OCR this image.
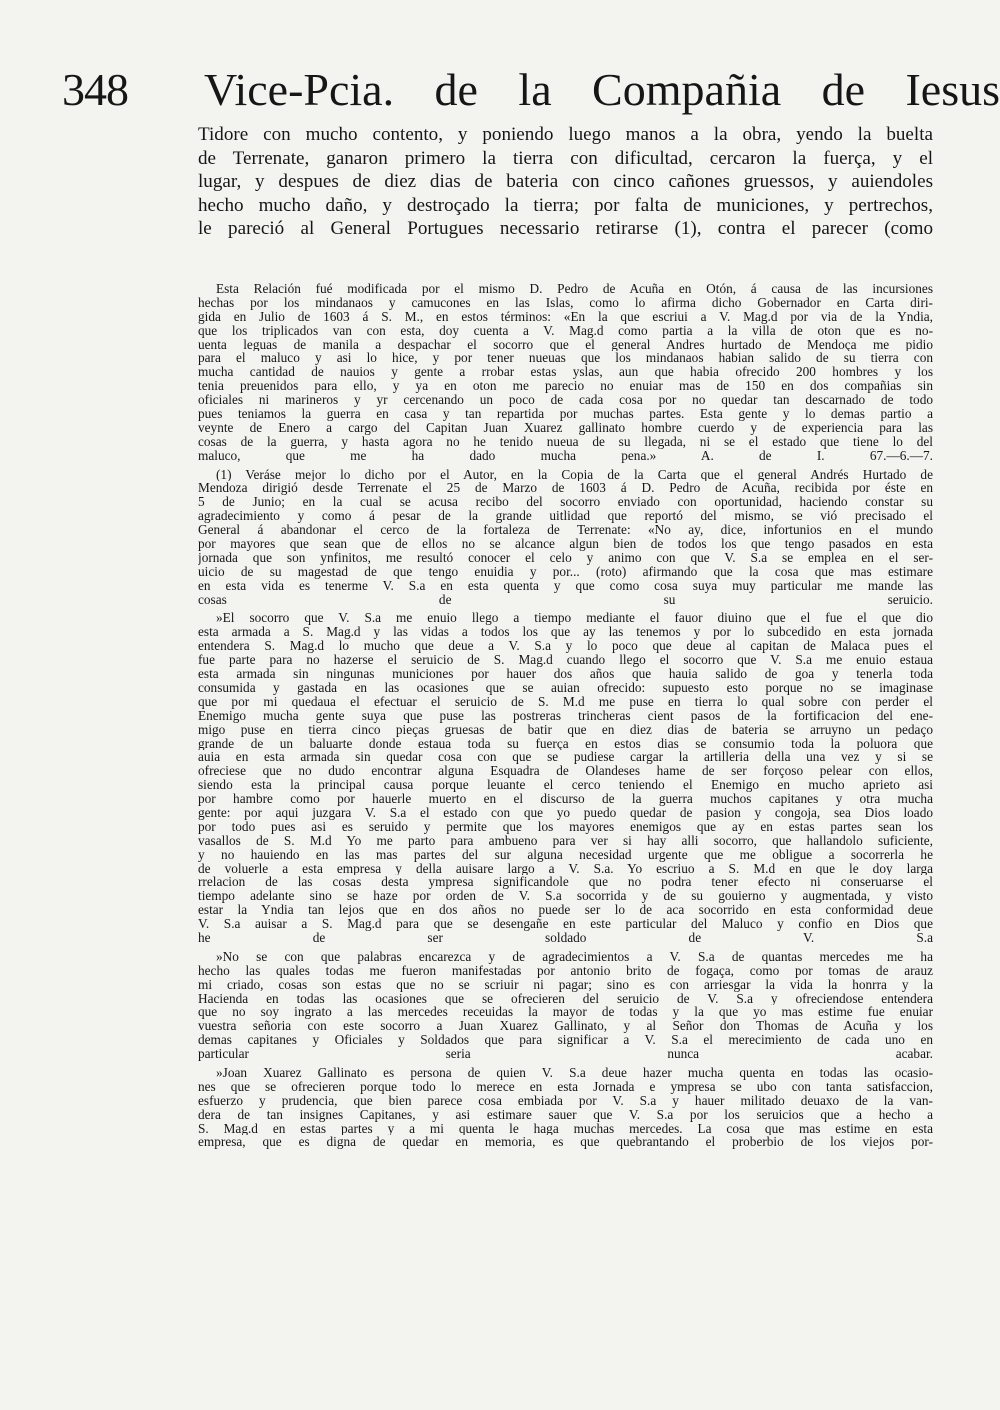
348 Vice-Pcia. de la Compañia de Iesus
Tidore con mucho contento, y poniendo luego manos a la obra, yendo la buelta
de Terrenate, ganaron primero la tierra con dificultad, cercaron la fuerça, y el
lugar, y despues de diez dias de bateria con cinco cañones gruessos, y auiendoles
hecho mucho daño, y destroçado la tierra; por falta de municiones, y pertrechos,
le pareció al General Portugues necessario retirarse (1), contra el parecer (como
Esta Relación fué modificada por el mismo D. Pedro de Acuña en Otón, á causa de las incursiones
hechas por los mindanaos y camucones en las Islas, como lo afirma dicho Gobernador en Carta diri-
gida en Julio de 1603 á S. M., en estos términos: «En la que escriui a V. Mag.d por via de la Yndia,
que los triplicados van con esta, doy cuenta a V. Mag.d como partia a la villa de oton que es no-
uenta leguas de manila a despachar el socorro que el general Andres hurtado de Mendoça me pidio
para el maluco y asi lo hice, y por tener nueuas que los mindanaos habian salido de su tierra con
mucha cantidad de nauios y gente a rrobar estas yslas, aun que habia ofrecido 200 hombres y los
tenia preuenidos para ello, y ya en oton me parecio no enuiar mas de 150 en dos compañias sin
oficiales ni marineros y yr cercenando un poco de cada cosa por no quedar tan descarnado de todo
pues teniamos la guerra en casa y tan repartida por muchas partes. Esta gente y lo demas partio a
veynte de Enero a cargo del Capitan Juan Xuarez gallinato hombre cuerdo y de experiencia para las
cosas de la guerra, y hasta agora no he tenido nueua de su llegada, ni se el estado que tiene lo del
maluco, que me ha dado mucha pena.» A. de I. 67.—6.—7.
(1) Veráse mejor lo dicho por el Autor, en la Copia de la Carta que el general Andrés Hurtado de
Mendoza dirigió desde Terrenate el 25 de Marzo de 1603 á D. Pedro de Acuña, recibida por éste en
5 de Junio; en la cual se acusa recibo del socorro enviado con oportunidad, haciendo constar su
agradecimiento y como á pesar de la grande uitlidad que reportó del mismo, se vió precisado el
General á abandonar el cerco de la fortaleza de Terrenate: «No ay, dice, infortunios en el mundo
por mayores que sean que de ellos no se alcance algun bien de todos los que tengo pasados en esta
jornada que son ynfinitos, me resultó conocer el celo y animo con que V. S.a se emplea en el ser-
uicio de su magestad de que tengo enuidia y por... (roto) afirmando que la cosa que mas estimare
en esta vida es tenerme V. S.a en esta quenta y que como cosa suya muy particular me mande las
cosas de su seruicio.
»El socorro que V. S.a me enuio llego a tiempo mediante el fauor diuino que el fue el que dio
esta armada a S. Mag.d y las vidas a todos los que ay las tenemos y por lo subcedido en esta jornada
entendera S. Mag.d lo mucho que deue a V. S.a y lo poco que deue al capitan de Malaca pues el
fue parte para no hazerse el seruicio de S. Mag.d cuando llego el socorro que V. S.a me enuio estaua
esta armada sin ningunas municiones por hauer dos años que hauia salido de goa y tenerla toda
consumida y gastada en las ocasiones que se auian ofrecido: supuesto esto porque no se imaginase
que por mi quedaua el efectuar el seruicio de S. M.d me puse en tierra lo qual sobre con perder el
Enemigo mucha gente suya que puse las postreras trincheras cient pasos de la fortificacion del ene-
migo puse en tierra cinco pieças gruesas de batir que en diez dias de bateria se arruyno un pedaço
grande de un baluarte donde estaua toda su fuerça en estos dias se consumio toda la poluora que
auia en esta armada sin quedar cosa con que se pudiese cargar la artilleria della una vez y si se
ofreciese que no dudo encontrar alguna Esquadra de Olandeses hame de ser forçoso pelear con ellos,
siendo esta la principal causa porque leuante el cerco teniendo el Enemigo en mucho aprieto asi
por hambre como por hauerle muerto en el discurso de la guerra muchos capitanes y otra mucha
gente: por aqui juzgara V. S.a el estado con que yo puedo quedar de pasion y congoja, sea Dios loado
por todo pues asi es seruido y permite que los mayores enemigos que ay en estas partes sean los
vasallos de S. M.d Yo me parto para ambueno para ver si hay alli socorro, que hallandolo suficiente,
y no hauiendo en las mas partes del sur alguna necesidad urgente que me obligue a socorrerla he
de voluerle a esta empresa y della auisare largo a V. S.a. Yo escriuo a S. M.d en que le doy larga
rrelacion de las cosas desta ympresa significandole que no podra tener efecto ni conseruarse el
tiempo adelante sino se haze por orden de V. S.a socorrida y de su gouierno y augmentada, y visto
estar la Yndia tan lejos que en dos años no puede ser lo de aca socorrido en esta conformidad deue
V. S.a auisar a S. Mag.d para que se desengañe en este particular del Maluco y confio en Dios que
he de ser soldado de V. S.a
»No se con que palabras encarezca y de agradecimientos a V. S.a de quantas mercedes me ha
hecho las quales todas me fueron manifestadas por antonio brito de fogaça, como por tomas de arauz
mi criado, cosas son estas que no se scriuir ni pagar; sino es con arriesgar la vida la honrra y la
Hacienda en todas las ocasiones que se ofrecieren del seruicio de V. S.a y ofreciendose entendera
que no soy ingrato a las mercedes receuidas la mayor de todas y la que yo mas estime fue enuiar
vuestra señoria con este socorro a Juan Xuarez Gallinato, y al Señor don Thomas de Acuña y los
demas capitanes y Oficiales y Soldados que para significar a V. S.a el merecimiento de cada uno en
particular seria nunca acabar.
»Joan Xuarez Gallinato es persona de quien V. S.a deue hazer mucha quenta en todas las ocasio-
nes que se ofrecieren porque todo lo merece en esta Jornada e ympresa se ubo con tanta satisfaccion,
esfuerzo y prudencia, que bien parece cosa embiada por V. S.a y hauer militado deuaxo de la van-
dera de tan insignes Capitanes, y asi estimare sauer que V. S.a por los seruicios que a hecho a
S. Mag.d en estas partes y a mi quenta le haga muchas mercedes. La cosa que mas estime en esta
empresa, que es digna de quedar en memoria, es que quebrantando el proberbio de los viejos por-
